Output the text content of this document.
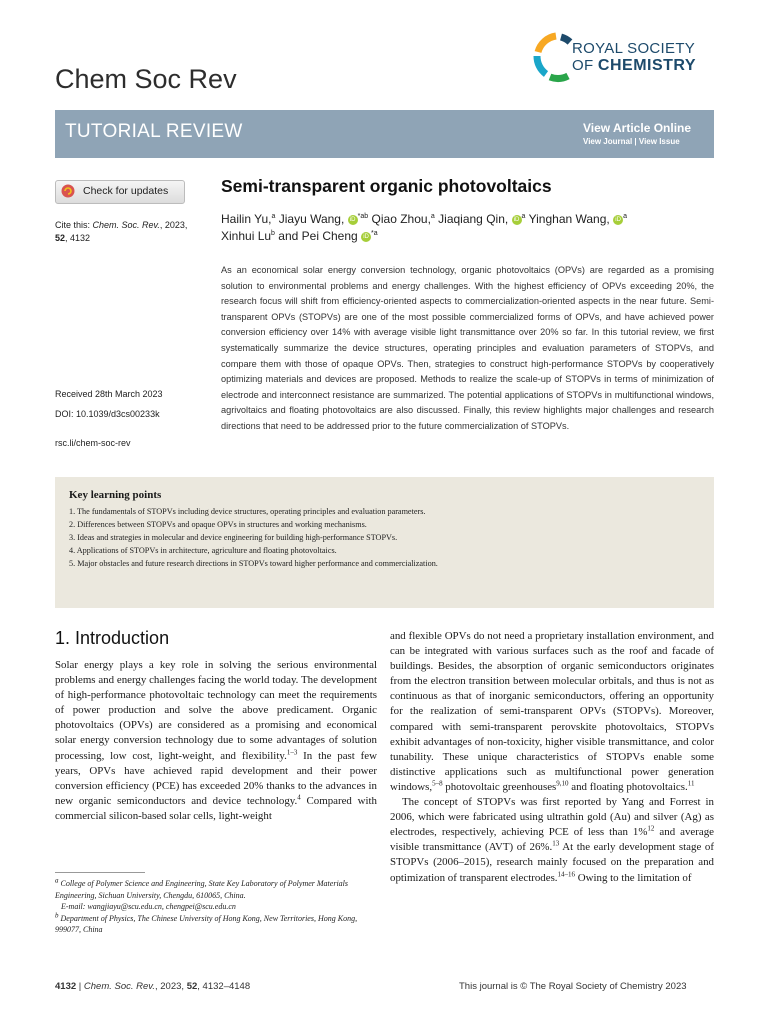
Chem Soc Rev
ROYAL SOCIETY
OF CHEMISTRY
TUTORIAL REVIEW	View Article Online
View Journal | View Issue
Check for updates
Cite this: Chem. Soc. Rev., 2023,
52, 4132
Received 28th March 2023
DOI: 10.1039/d3cs00233k
rsc.li/chem-soc-rev
Semi-transparent organic photovoltaics
Hailin Yu,$^a$ Jiayu Wang, iD $^{*ab}$ Qiao Zhou,$^a$ Jiaqiang Qin, iD $^a$ Yinghan Wang, iD $^a$
Xinhui Lu$^b$ and Pei Cheng iD $^{*a}$
As an economical solar energy conversion technology, organic photovoltaics (OPVs) are regarded as a promising solution to environmental problems and energy challenges. With the highest efficiency of OPVs exceeding 20%, the research focus will shift from efficiency-oriented aspects to commercialization-oriented aspects in the near future. Semi-transparent OPVs (STOPVs) are one of the most possible commercialized forms of OPVs, and have achieved power conversion efficiency over 14% with average visible light transmittance over 20% so far. In this tutorial review, we first systematically summarize the device structures, operating principles and evaluation parameters of STOPVs, and compare them with those of opaque OPVs. Then, strategies to construct high-performance STOPVs by cooperatively optimizing materials and devices are proposed. Methods to realize the scale-up of STOPVs in terms of minimization of electrode and interconnect resistance are summarized. The potential applications of STOPVs in multifunctional windows, agrivoltaics and floating photovoltaics are also discussed. Finally, this review highlights major challenges and research directions that need to be addressed prior to the future commercialization of STOPVs.
Key learning points
1. The fundamentals of STOPVs including device structures, operating principles and evaluation parameters.
2. Differences between STOPVs and opaque OPVs in structures and working mechanisms.
3. Ideas and strategies in molecular and device engineering for building high-performance STOPVs.
4. Applications of STOPVs in architecture, agriculture and floating photovoltaics.
5. Major obstacles and future research directions in STOPVs toward higher performance and commercialization.
1. Introduction
Solar energy plays a key role in solving the serious environmental problems and energy challenges facing the world today. The development of high-performance photovoltaic technology can meet the requirements of power production and solve the above predicament. Organic photovoltaics (OPVs) are considered as a promising and economical solar energy conversion technology due to some advantages of solution processing, low cost, light-weight, and flexibility.$^{1-3}$ In the past few years, OPVs have achieved rapid development and their power conversion efficiency (PCE) has exceeded 20% thanks to the advances in new organic semiconductors and device technology.$^4$ Compared with commercial silicon-based solar cells, light-weight
and flexible OPVs do not need a proprietary installation environment, and can be integrated with various surfaces such as the roof and facade of buildings. Besides, the absorption of organic semiconductors originates from the electron transition between molecular orbitals, and thus is not as continuous as that of inorganic semiconductors, offering an opportunity for the realization of semi-transparent OPVs (STOPVs). Moreover, compared with semi-transparent perovskite photovoltaics, STOPVs exhibit advantages of non-toxicity, higher visible transmittance, and color tunability. These unique characteristics of STOPVs enable some distinctive applications such as multifunctional power generation windows,$^{5-8}$ photovoltaic greenhouses$^{9,10}$ and floating photovoltaics.$^{11}$
The concept of STOPVs was first reported by Yang and Forrest in 2006, which were fabricated using ultrathin gold (Au) and silver (Ag) as electrodes, respectively, achieving PCE of less than 1%$^{12}$ and average visible transmittance (AVT) of 26%.$^{13}$ At the early development stage of STOPVs (2006–2015), research mainly focused on the preparation and optimization of transparent electrodes.$^{14-16}$ Owing to the limitation of
$^a$ College of Polymer Science and Engineering, State Key Laboratory of Polymer Materials Engineering, Sichuan University, Chengdu, 610065, China.
E-mail: wangjiayu@scu.edu.cn, chengpei@scu.edu.cn
$^b$ Department of Physics, The Chinese University of Hong Kong, New Territories, Hong Kong, 999077, China
4132 | Chem. Soc. Rev., 2023, 52, 4132–4148	This journal is © The Royal Society of Chemistry 2023
